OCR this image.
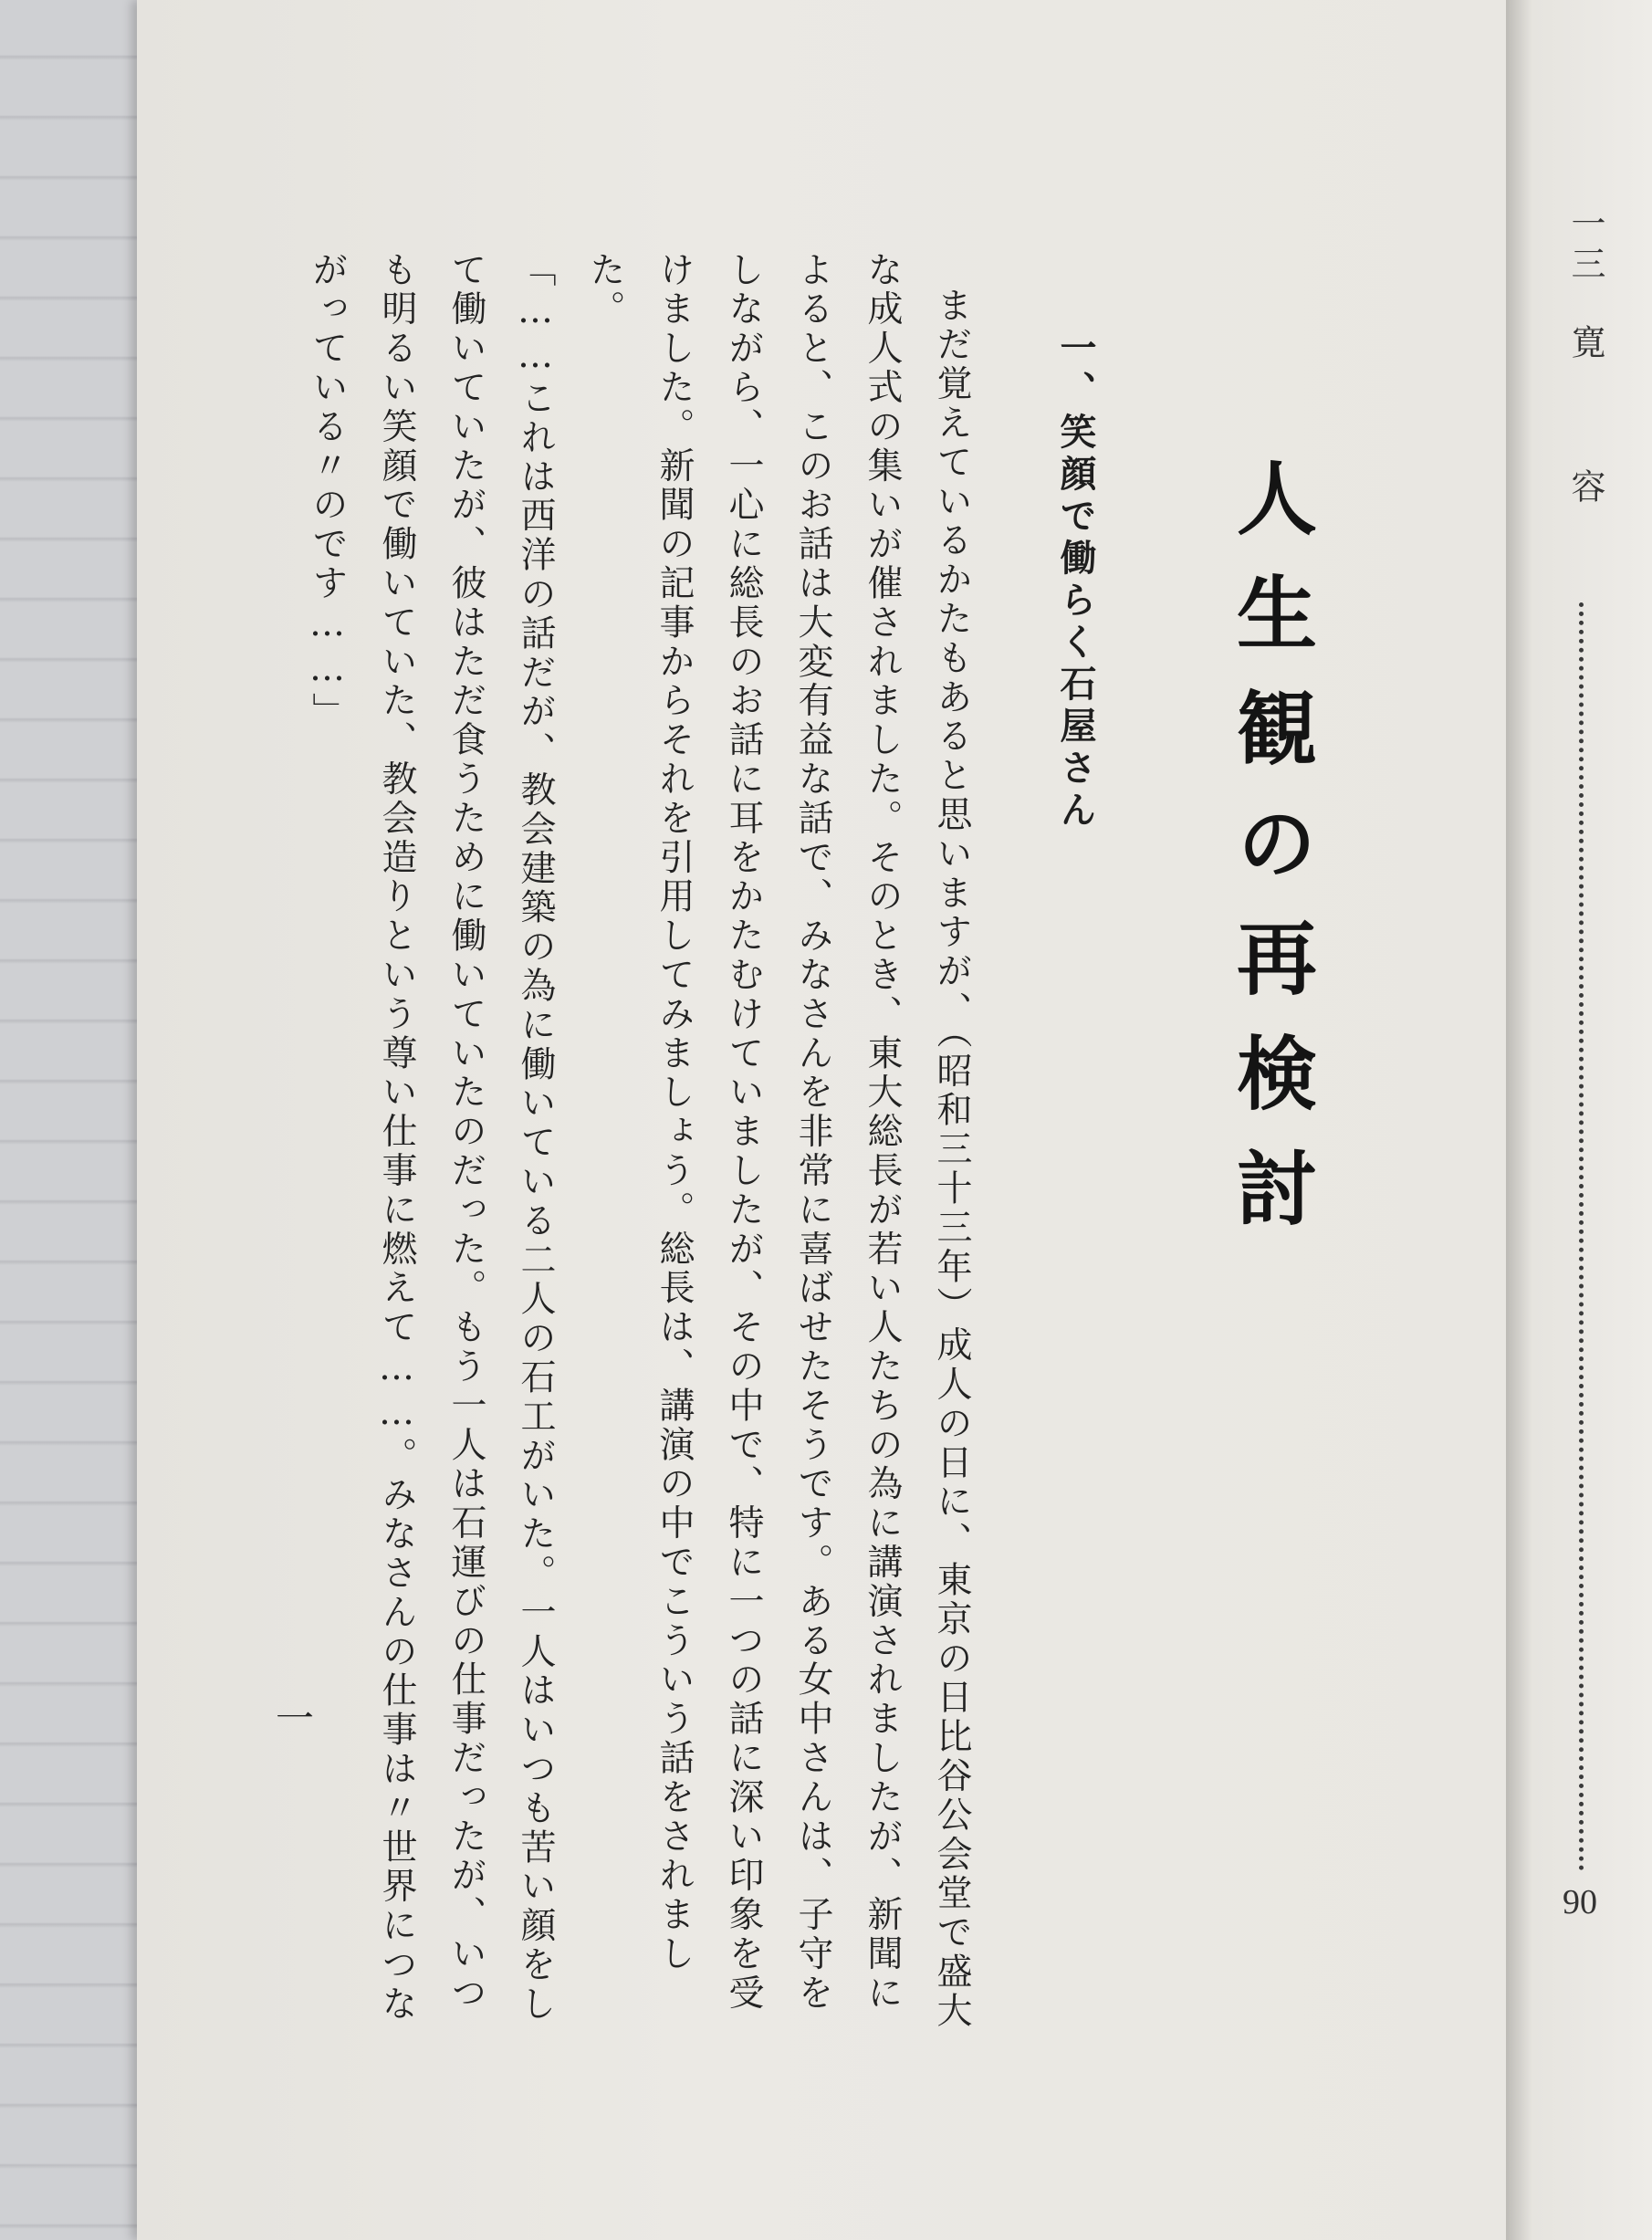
人生観の再検討
一、笑顔で働らく石屋さん

まだ覚えているかたもあると思いますが、（昭和三十三年）成人の日に、東京の日比谷公会堂で盛大な成人式の集いが催されました。そのとき、東大総長が若い人たちの為に講演されましたが、新聞によると、このお話は大変有益な話で、みなさんを非常に喜ばせたそうです。ある女中さんは、子守をしながら、一心に総長のお話に耳をかたむけていましたが、その中で、特に一つの話に深い印象を受けました。新聞の記事からそれを引用してみましょう。総長は、講演の中でこういう話をされました。

「……これは西洋の話だが、教会建築の為に働いている二人の石工がいた。一人はいつも苦い顔をして働いていたが、彼はただ食うために働いていたのだった。もう一人は石運びの仕事だったが、いつも明るい笑顔で働いていた、教会造りという尊い仕事に燃えて……。みなさんの仕事は〃世界につながっている〃のです……」

一
一三
寛容
90
